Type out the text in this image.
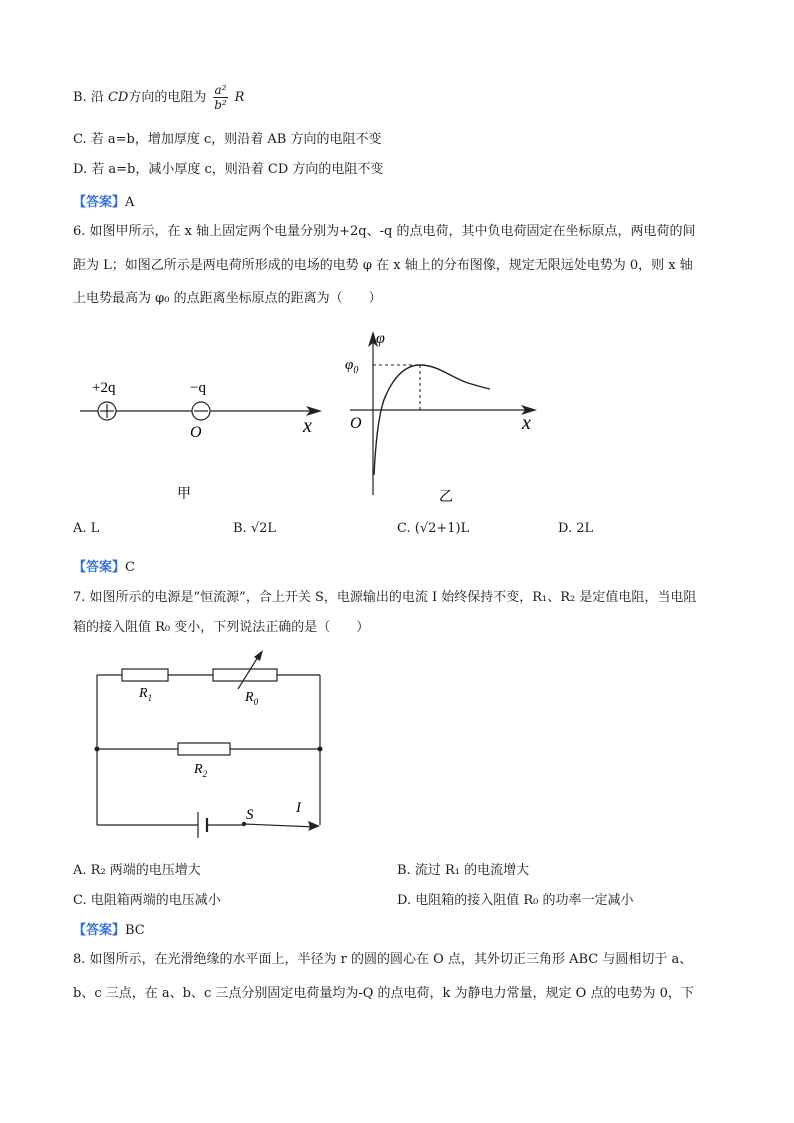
B. 沿 CD方向的电阻为 $\frac{\text{a²}}{\text{b²}}$ R
C. 若 a=b，增加厚度 c，则沿着 AB 方向的电阻不变
D. 若 a=b，减小厚度 c，则沿着 CD 方向的电阻不变
【答案】A
6. 如图甲所示，在 x 轴上固定两个电量分别为+2q、-q 的点电荷，其中负电荷固定在坐标原点，两电荷的间
距为 L；如图乙所示是两电荷所形成的电场的电势 φ 在 x 轴上的分布图像，规定无限远处电势为 0，则 x 轴
上电势最高为 φ₀ 的点距离坐标原点的距离为（　　）
+2q	−q
O	x
甲
φ
$\varphi_0$
O	x
乙
A. L	B. √2L	C. (√2+1)L	D. 2L
【答案】C
7. 如图所示的电源是“恒流源”，合上开关 S，电源输出的电流 I 始终保持不变，R₁、R₂ 是定值电阻，当电阻
箱的接入阻值 R₀ 变小，下列说法正确的是（　　）
$R_1$	$R_0$
$R_2$
S	I
A. R₂ 两端的电压增大	B. 流过 R₁ 的电流增大
C. 电阻箱两端的电压减小	D. 电阻箱的接入阻值 R₀ 的功率一定减小
【答案】BC
8. 如图所示，在光滑绝缘的水平面上，半径为 r 的圆的圆心在 O 点，其外切正三角形 ABC 与圆相切于 a、
b、c 三点，在 a、b、c 三点分别固定电荷量均为-Q 的点电荷，k 为静电力常量，规定 O 点的电势为 0，下
